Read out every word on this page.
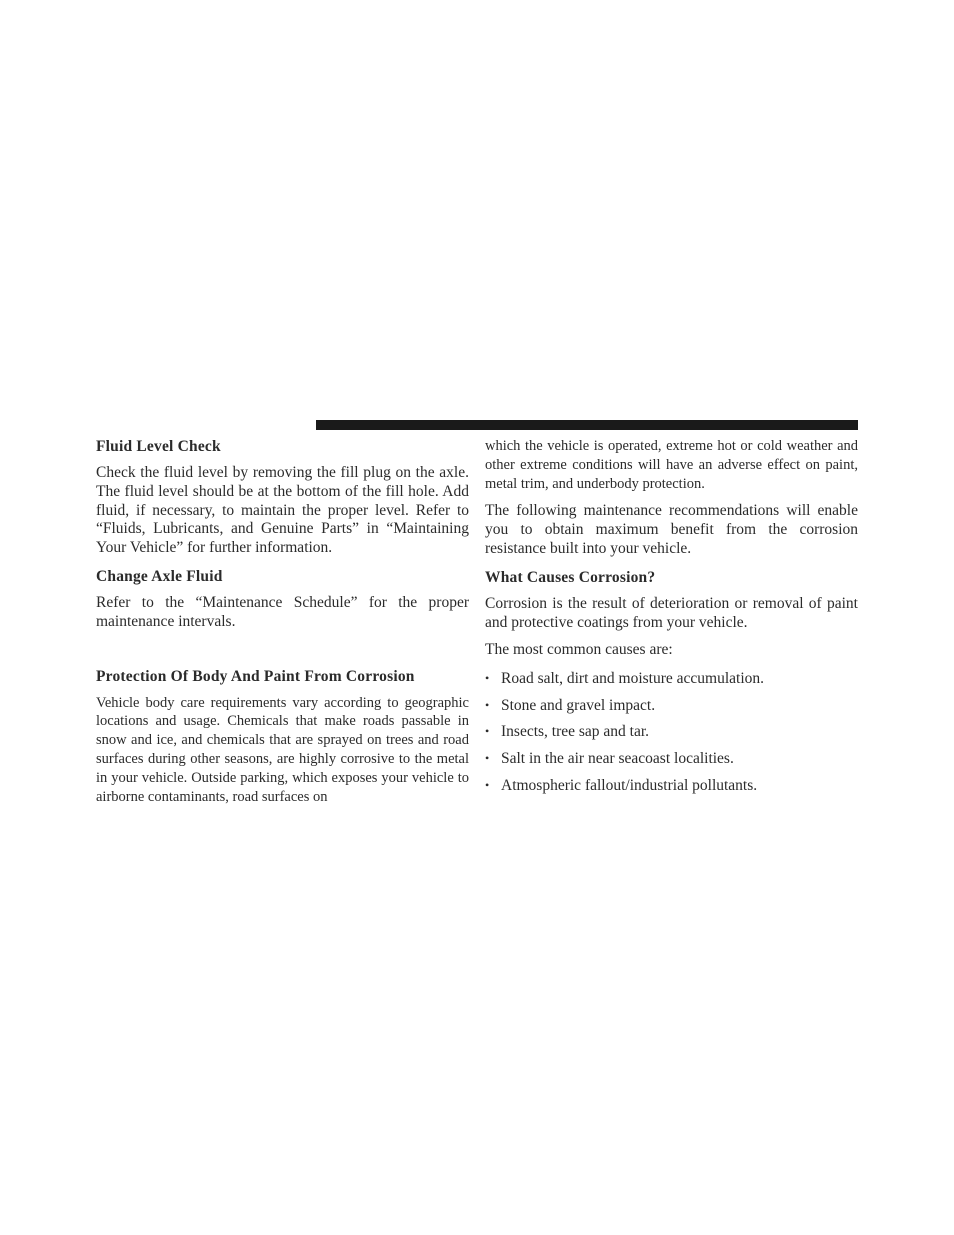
Fluid Level Check

Check the fluid level by removing the fill plug on the axle. The fluid level should be at the bottom of the fill hole. Add fluid, if necessary, to maintain the proper level. Refer to “Fluids, Lubricants, and Genuine Parts” in “Maintaining Your Vehicle” for further information.

Change Axle Fluid

Refer to the “Maintenance Schedule” for the proper maintenance intervals.

Protection Of Body And Paint From Corrosion

Vehicle body care requirements vary according to geographic locations and usage. Chemicals that make roads passable in snow and ice, and chemicals that are sprayed on trees and road surfaces during other seasons, are highly corrosive to the metal in your vehicle. Outside parking, which exposes your vehicle to airborne contaminants, road surfaces on

which the vehicle is operated, extreme hot or cold weather and other extreme conditions will have an adverse effect on paint, metal trim, and underbody protection.

The following maintenance recommendations will enable you to obtain maximum benefit from the corrosion resistance built into your vehicle.

What Causes Corrosion?

Corrosion is the result of deterioration or removal of paint and protective coatings from your vehicle.

The most common causes are:

• Road salt, dirt and moisture accumulation.
• Stone and gravel impact.
• Insects, tree sap and tar.
• Salt in the air near seacoast localities.
• Atmospheric fallout/industrial pollutants.
